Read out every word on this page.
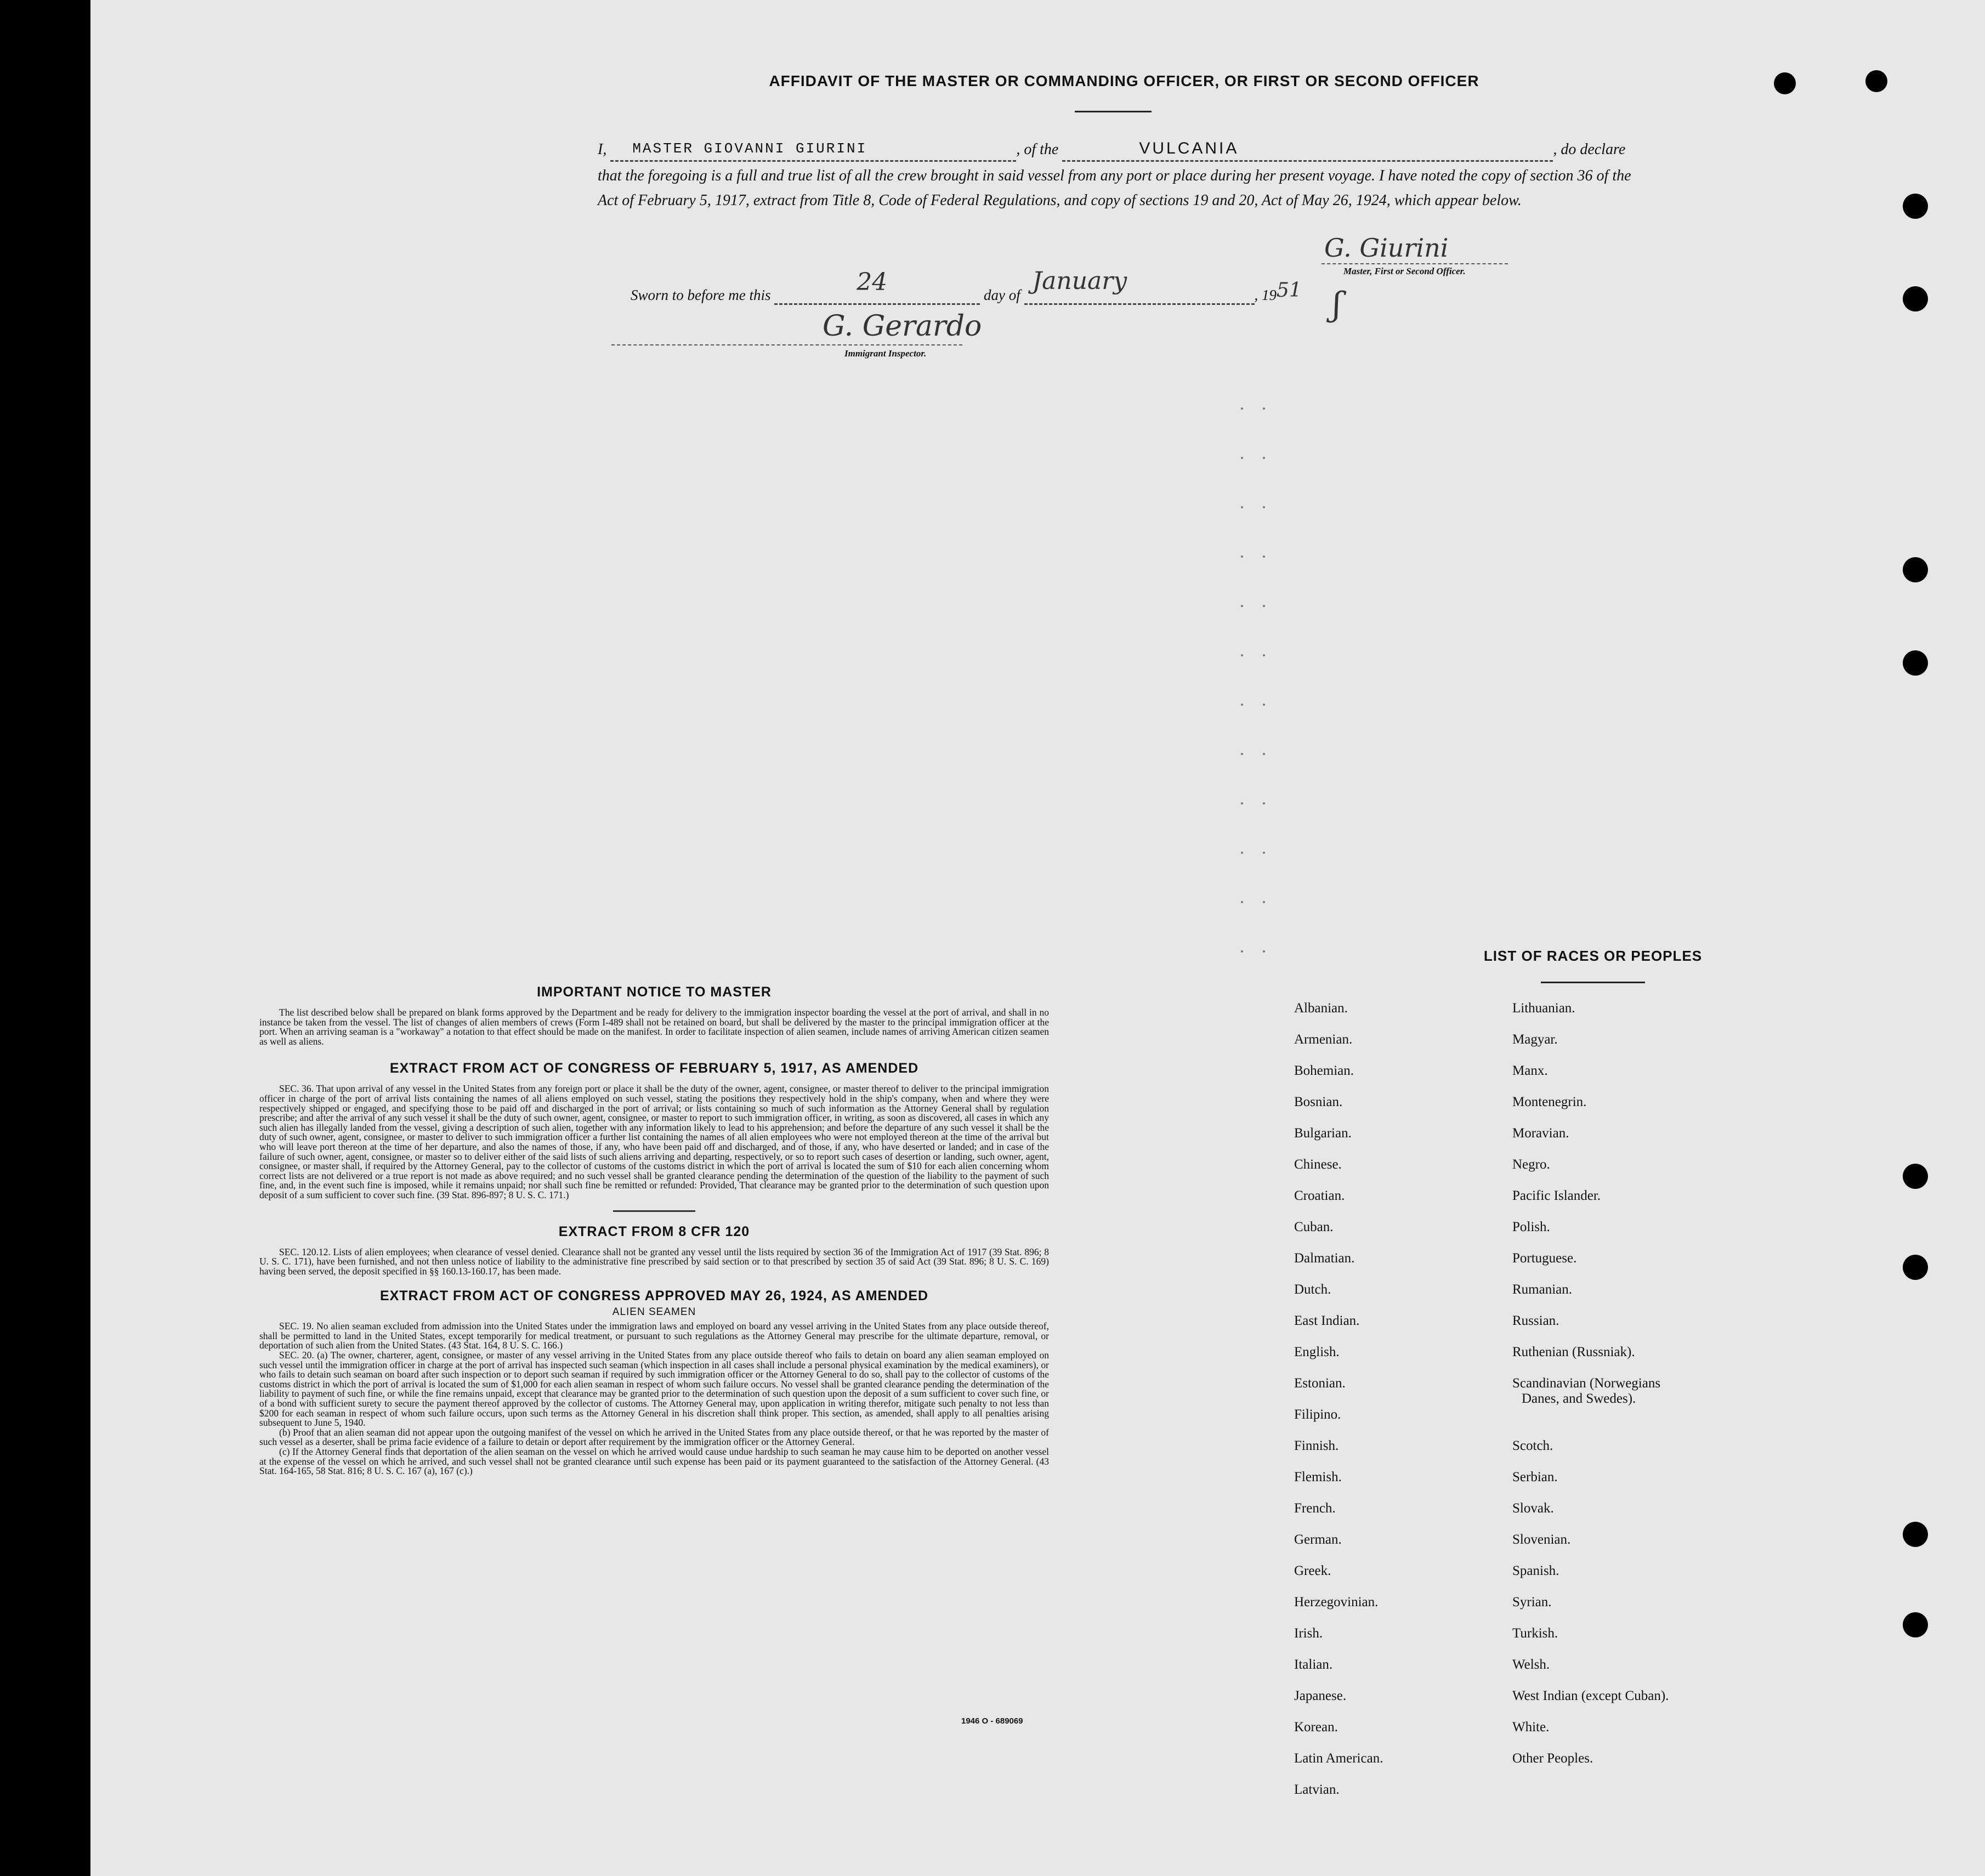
AFFIDAVIT OF THE MASTER OR COMMANDING OFFICER, OR FIRST OR SECOND OFFICER
I, MASTER GIOVANNI GIURINI	, of the	VULCANIA	, do declare
that the foregoing is a full and true list of all the crew brought in said vessel from any port or place during her present voyage. I have noted the copy of section 36 of the Act of February 5, 1917, extract from Title 8, Code of Federal Regulations, and copy of sections 19 and 20, Act of May 26, 1924, which appear below.
G. Giurini
Master, First or Second Officer.
ʃ
Sworn to before me this	24	day of January	, 1951
G. Gerardo
Immigrant Inspector.
IMPORTANT NOTICE TO MASTER

The list described below shall be prepared on blank forms approved by the Department and be ready for delivery to the immigration inspector boarding the vessel at the port of arrival, and shall in no instance be taken from the vessel. The list of changes of alien members of crews (Form I-489 shall not be retained on board, but shall be delivered by the master to the principal immigration officer at the port. When an arriving seaman is a "workaway" a notation to that effect should be made on the manifest. In order to facilitate inspection of alien seamen, include names of arriving American citizen seamen as well as aliens.

EXTRACT FROM ACT OF CONGRESS OF FEBRUARY 5, 1917, AS AMENDED

SEC. 36. That upon arrival of any vessel in the United States from any foreign port or place it shall be the duty of the owner, agent, consignee, or master thereof to deliver to the principal immigration officer in charge of the port of arrival lists containing the names of all aliens employed on such vessel, stating the positions they respectively hold in the ship's company, when and where they were respectively shipped or engaged, and specifying those to be paid off and discharged in the port of arrival; or lists containing so much of such information as the Attorney General shall by regulation prescribe; and after the arrival of any such vessel it shall be the duty of such owner, agent, consignee, or master to report to such immigration officer, in writing, as soon as discovered, all cases in which any such alien has illegally landed from the vessel, giving a description of such alien, together with any information likely to lead to his apprehension; and before the departure of any such vessel it shall be the duty of such owner, agent, consignee, or master to deliver to such immigration officer a further list containing the names of all alien employees who were not employed thereon at the time of the arrival but who will leave port thereon at the time of her departure, and also the names of those, if any, who have been paid off and discharged, and of those, if any, who have deserted or landed; and in case of the failure of such owner, agent, consignee, or master so to deliver either of the said lists of such aliens arriving and departing, respectively, or so to report such cases of desertion or landing, such owner, agent, consignee, or master shall, if required by the Attorney General, pay to the collector of customs of the customs district in which the port of arrival is located the sum of $10 for each alien concerning whom correct lists are not delivered or a true report is not made as above required; and no such vessel shall be granted clearance pending the determination of the question of the liability to the payment of such fine, and, in the event such fine is imposed, while it remains unpaid; nor shall such fine be remitted or refunded: Provided, That clearance may be granted prior to the determination of such question upon deposit of a sum sufficient to cover such fine. (39 Stat. 896-897; 8 U. S. C. 171.)

EXTRACT FROM 8 CFR 120

SEC. 120.12. Lists of alien employees; when clearance of vessel denied. Clearance shall not be granted any vessel until the lists required by section 36 of the Immigration Act of 1917 (39 Stat. 896; 8 U. S. C. 171), have been furnished, and not then unless notice of liability to the administrative fine prescribed by said section or to that prescribed by section 35 of said Act (39 Stat. 896; 8 U. S. C. 169) having been served, the deposit specified in §§ 160.13-160.17, has been made.

EXTRACT FROM ACT OF CONGRESS APPROVED MAY 26, 1924, AS AMENDED
ALIEN SEAMEN

SEC. 19. No alien seaman excluded from admission into the United States under the immigration laws and employed on board any vessel arriving in the United States from any place outside thereof, shall be permitted to land in the United States, except temporarily for medical treatment, or pursuant to such regulations as the Attorney General may prescribe for the ultimate departure, removal, or deportation of such alien from the United States. (43 Stat. 164, 8 U. S. C. 166.)

SEC. 20. (a) The owner, charterer, agent, consignee, or master of any vessel arriving in the United States from any place outside thereof who fails to detain on board any alien seaman employed on such vessel until the immigration officer in charge at the port of arrival has inspected such seaman (which inspection in all cases shall include a personal physical examination by the medical examiners), or who fails to detain such seaman on board after such inspection or to deport such seaman if required by such immigration officer or the Attorney General to do so, shall pay to the collector of customs of the customs district in which the port of arrival is located the sum of $1,000 for each alien seaman in respect of whom such failure occurs. No vessel shall be granted clearance pending the determination of the liability to payment of such fine, or while the fine remains unpaid, except that clearance may be granted prior to the determination of such question upon the deposit of a sum sufficient to cover such fine, or of a bond with sufficient surety to secure the payment thereof approved by the collector of customs. The Attorney General may, upon application in writing therefor, mitigate such penalty to not less than $200 for each seaman in respect of whom such failure occurs, upon such terms as the Attorney General in his discretion shall think proper. This section, as amended, shall apply to all penalties arising subsequent to June 5, 1940.

(b) Proof that an alien seaman did not appear upon the outgoing manifest of the vessel on which he arrived in the United States from any place outside thereof, or that he was reported by the master of such vessel as a deserter, shall be prima facie evidence of a failure to detain or deport after requirement by the immigration officer or the Attorney General.

(c) If the Attorney General finds that deportation of the alien seaman on the vessel on which he arrived would cause undue hardship to such seaman he may cause him to be deported on another vessel at the expense of the vessel on which he arrived, and such vessel shall not be granted clearance until such expense has been paid or its payment guaranteed to the satisfaction of the Attorney General. (43 Stat. 164-165, 58 Stat. 816; 8 U. S. C. 167 (a), 167 (c).)

1946 O - 689069
LIST OF RACES OR PEOPLES
Albanian.
Armenian.
Bohemian.
Bosnian.
Bulgarian.
Chinese.
Croatian.
Cuban.
Dalmatian.
Dutch.
East Indian.
English.
Estonian.
Filipino.
Finnish.
Flemish.
French.
German.
Greek.
Herzegovinian.
Irish.
Italian.
Japanese.
Korean.
Latin American.
Latvian.
Lithuanian.
Magyar.
Manx.
Montenegrin.
Moravian.
Negro.
Pacific Islander.
Polish.
Portuguese.
Rumanian.
Russian.
Ruthenian (Russniak).
Scandinavian (Norwegians
Danes, and Swedes).
Scotch.
Serbian.
Slovak.
Slovenian.
Spanish.
Syrian.
Turkish.
Welsh.
West Indian (except Cuban).
White.
Other Peoples.
